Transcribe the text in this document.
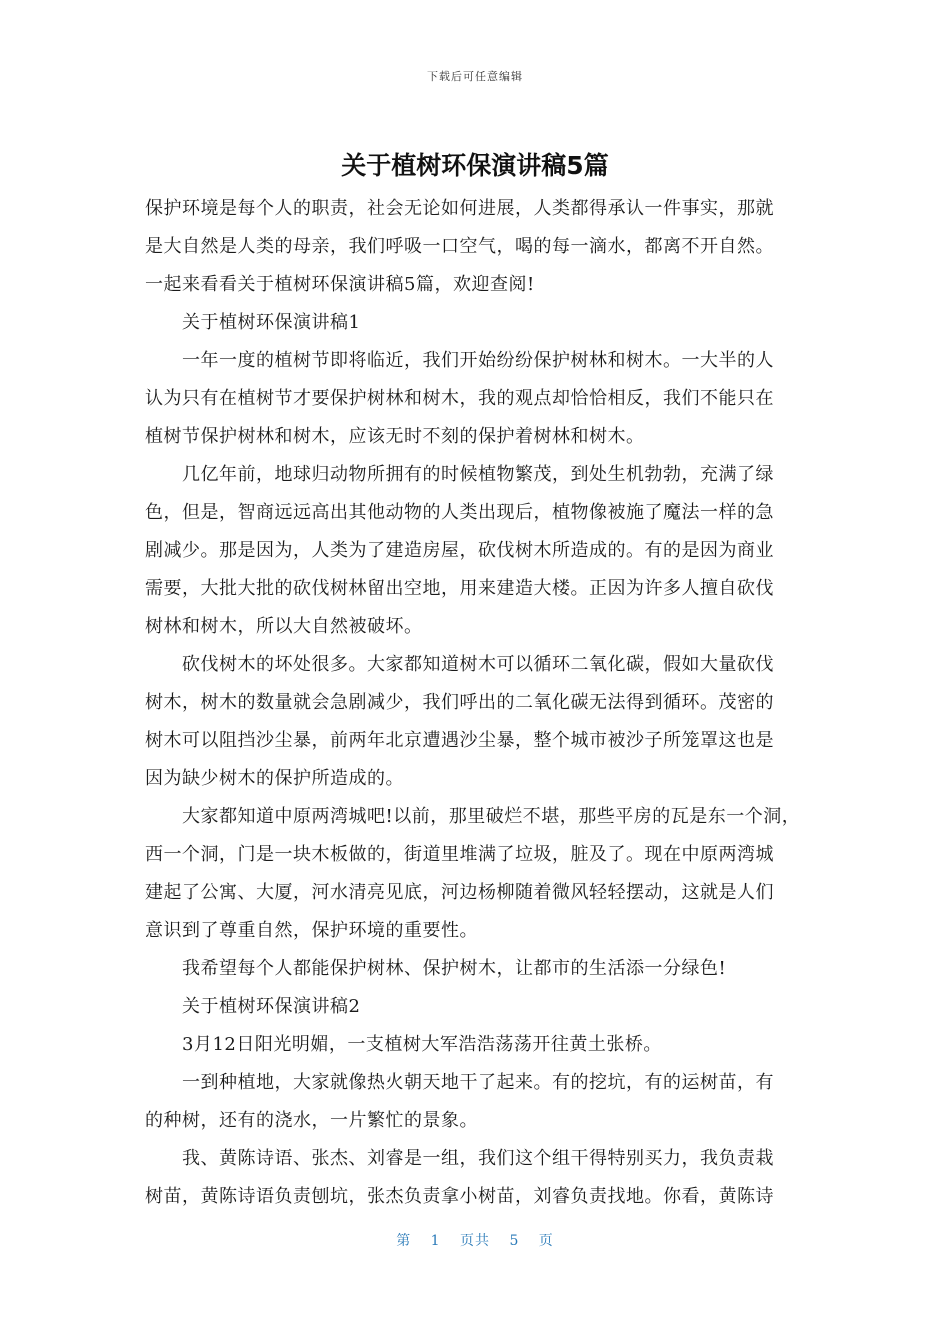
下载后可任意编辑
关于植树环保演讲稿5篇
保护环境是每个人的职责，社会无论如何进展，人类都得承认一件事实，那就
是大自然是人类的母亲，我们呼吸一口空气，喝的每一滴水，都离不开自然。
一起来看看关于植树环保演讲稿5篇，欢迎查阅!
关于植树环保演讲稿1
一年一度的植树节即将临近，我们开始纷纷保护树林和树木。一大半的人
认为只有在植树节才要保护树林和树木，我的观点却恰恰相反，我们不能只在
植树节保护树林和树木，应该无时不刻的保护着树林和树木。
几亿年前，地球归动物所拥有的时候植物繁茂，到处生机勃勃，充满了绿
色，但是，智商远远高出其他动物的人类出现后，植物像被施了魔法一样的急
剧减少。那是因为，人类为了建造房屋，砍伐树木所造成的。有的是因为商业
需要，大批大批的砍伐树林留出空地，用来建造大楼。正因为许多人擅自砍伐
树林和树木，所以大自然被破坏。
砍伐树木的坏处很多。大家都知道树木可以循环二氧化碳，假如大量砍伐
树木，树木的数量就会急剧减少，我们呼出的二氧化碳无法得到循环。茂密的
树木可以阻挡沙尘暴，前两年北京遭遇沙尘暴，整个城市被沙子所笼罩这也是
因为缺少树木的保护所造成的。
大家都知道中原两湾城吧!以前，那里破烂不堪，那些平房的瓦是东一个洞，
西一个洞，门是一块木板做的，街道里堆满了垃圾，脏及了。现在中原两湾城
建起了公寓、大厦，河水清亮见底，河边杨柳随着微风轻轻摆动，这就是人们
意识到了尊重自然，保护环境的重要性。
我希望每个人都能保护树林、保护树木，让都市的生活添一分绿色!
关于植树环保演讲稿2
3月12日阳光明媚，一支植树大军浩浩荡荡开往黄土张桥。
一到种植地，大家就像热火朝天地干了起来。有的挖坑，有的运树苗，有
的种树，还有的浇水，一片繁忙的景象。
我、黄陈诗语、张杰、刘睿是一组，我们这个组干得特别买力，我负责栽
树苗，黄陈诗语负责刨坑，张杰负责拿小树苗，刘睿负责找地。你看，黄陈诗
第 1 页共 5 页
